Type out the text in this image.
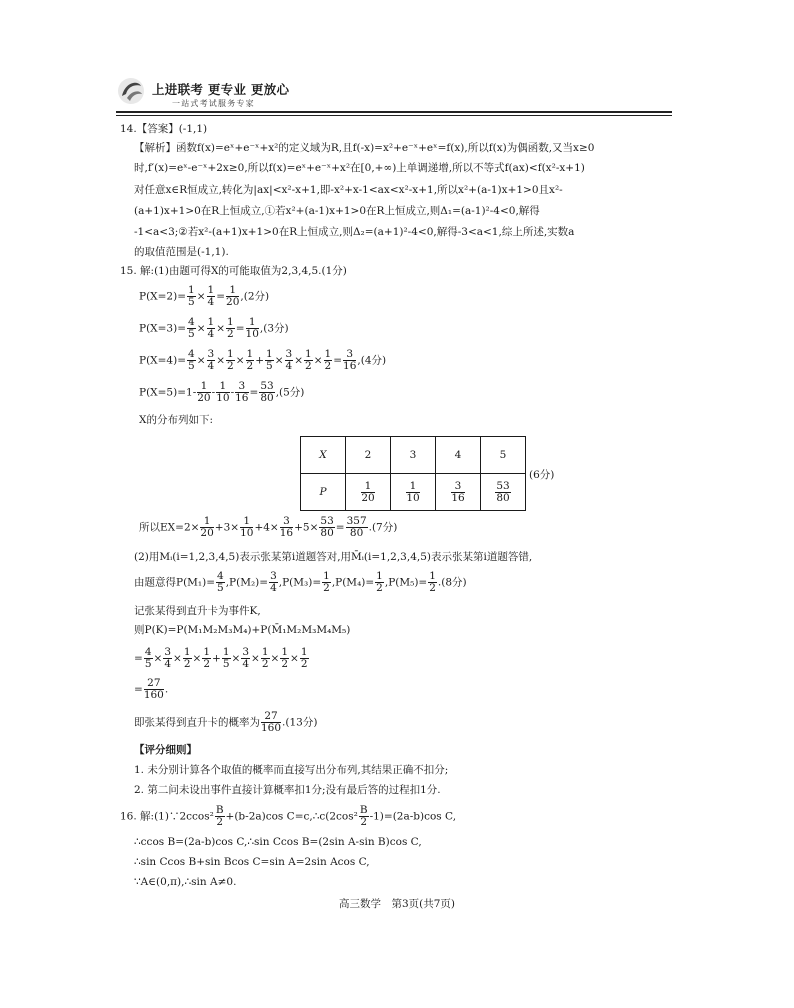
上进联考 更专业 更放心
一站式考试服务专家
14.【答案】(-1,1)
【解析】函数f(x)=eˣ+e⁻ˣ+x²的定义域为R,且f(-x)=x²+e⁻ˣ+eˣ=f(x),所以f(x)为偶函数,又当x≥0
时,f′(x)=eˣ-e⁻ˣ+2x≥0,所以f(x)=eˣ+e⁻ˣ+x²在[0,+∞)上单调递增,所以不等式f(ax)<f(x²-x+1)
对任意x∈R恒成立,转化为|ax|<x²-x+1,即-x²+x-1<ax<x²-x+1,所以x²+(a-1)x+1>0且x²-
(a+1)x+1>0在R上恒成立,①若x²+(a-1)x+1>0在R上恒成立,则Δ₁=(a-1)²-4<0,解得
-1<a<3;②若x²-(a+1)x+1>0在R上恒成立,则Δ₂=(a+1)²-4<0,解得-3<a<1,综上所述,实数a
的取值范围是(-1,1).
15. 解:(1)由题可得X的可能取值为2,3,4,5.(1分)
$P(X=2)= \frac{1}{5} \times \frac{1}{4} = \frac{1}{20} ,(2$分)
$P(X=3)= \frac{4}{5} \times \frac{1}{4} \times \frac{1}{2} = \frac{1}{10} ,(3$分)
$P(X=4)= \frac{4}{5} \times \frac{3}{4} \times \frac{1}{2} \times \frac{1}{2} + \frac{1}{5} \times \frac{3}{4} \times \frac{1}{2} \times \frac{1}{2} = \frac{3}{16} ,(4$分)
$P(X=5)=1- \frac{1}{20} - \frac{1}{10} - \frac{3}{16} = \frac{53}{80} ,(5$分)
X的分布列如下:
X	2	3	4	5
P	$\frac{1}{20}$	$\frac{1}{10}$	$\frac{3}{16}$	$\frac{53}{80}$
(6分)
所以$EX=2\times \frac{1}{20} +3\times \frac{1}{10} +4\times \frac{3}{16} +5\times \frac{53}{80} = \frac{357}{80} .(7$分)
(2)用Mᵢ(i=1,2,3,4,5)表示张某第i道题答对,用M̄ᵢ(i=1,2,3,4,5)表示张某第i道题答错,
由题意得$P(M_1)= \frac{4}{5} ,P(M_2)= \frac{3}{4} ,P(M_3)= \frac{1}{2} ,P(M_4)= \frac{1}{2} ,P(M_5)= \frac{1}{2} .(8$分)
记张某得到直升卡为事件K,
则P(K)=P(M₁M₂M₃M₄)+P(M̄₁M₂M₃M₄M₅)
= $\frac{4}{5} \times \frac{3}{4} \times \frac{1}{2} \times \frac{1}{2} + \frac{1}{5} \times \frac{3}{4} \times \frac{1}{2} \times \frac{1}{2} \times \frac{1}{2}$
= $\frac{27}{160}$ .
即张某得到直升卡的概率为 $\frac{27}{160} .(13$分)
【评分细则】
1. 未分别计算各个取值的概率而直接写出分布列,其结果正确不扣分;
2. 第二问未设出事件直接计算概率扣1分;没有最后答的过程扣1分.
16. 解:(1)∵2ccos² $\frac{B}{2} +(b-2a)\cos$ C=c,∴c(2cos² $\frac{B}{2} -1)=(2a-b)\cos$ C,
∴ccos B=(2a-b)cos C,∴sin Ccos B=(2sin A-sin B)cos C,
∴sin Ccos B+sin Bcos C=sin A=2sin Acos C,
∵A∈(0,π),∴sin A≠0.
高三数学　第3页(共7页)
